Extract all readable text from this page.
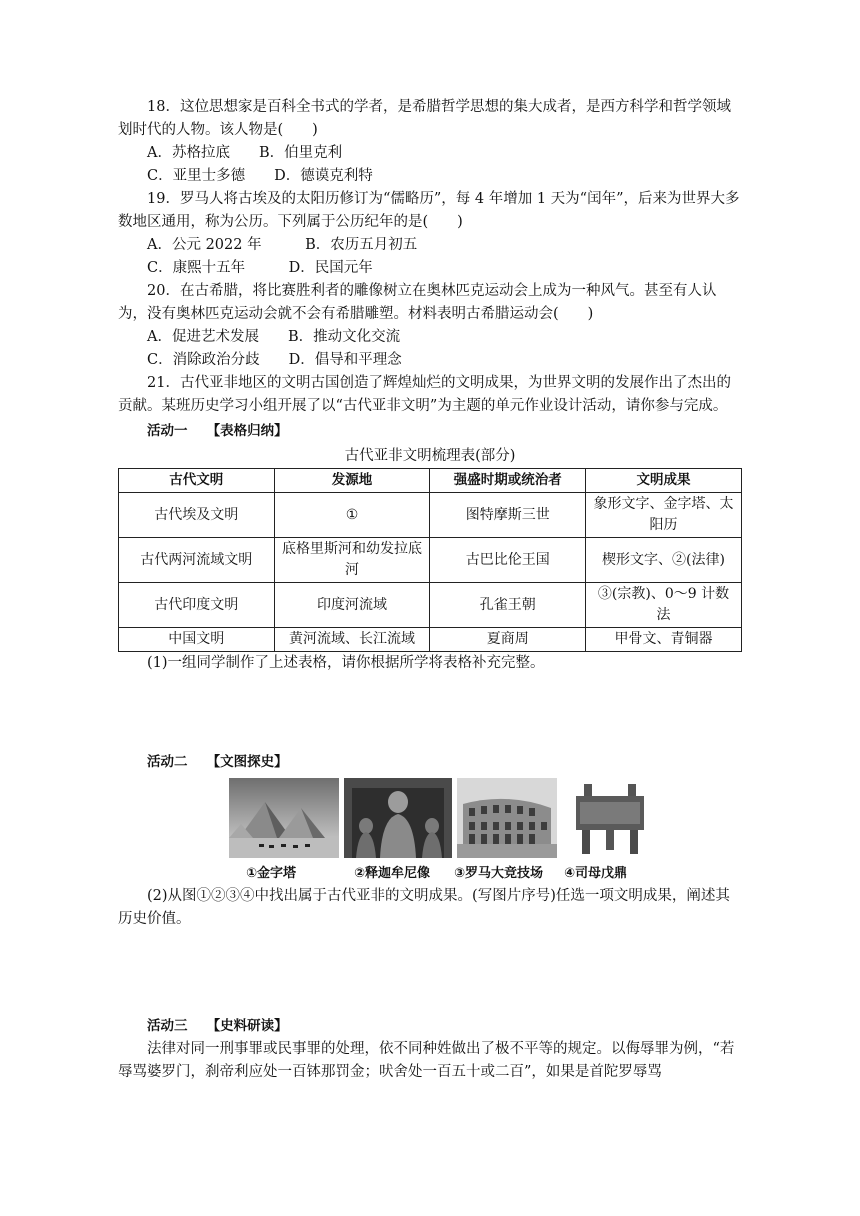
18．这位思想家是百科全书式的学者，是希腊哲学思想的集大成者，是西方科学和哲学领域划时代的人物。该人物是(　　)

A．苏格拉底　　B．伯里克利

C．亚里士多德　　D．德谟克利特

19．罗马人将古埃及的太阳历修订为“儒略历”，每 4 年增加 1 天为“闰年”，后来为世界大多数地区通用，称为公历。下列属于公历纪年的是(　　)

A．公元 2022 年　　　B．农历五月初五

C．康熙十五年　　　D．民国元年

20．在古希腊，将比赛胜利者的雕像树立在奥林匹克运动会上成为一种风气。甚至有人认为，没有奥林匹克运动会就不会有希腊雕塑。材料表明古希腊运动会(　　)

A．促进艺术发展　　B．推动文化交流

C．消除政治分歧　　D．倡导和平理念

21．古代亚非地区的文明古国创造了辉煌灿烂的文明成果，为世界文明的发展作出了杰出的贡献。某班历史学习小组开展了以“古代亚非文明”为主题的单元作业设计活动，请你参与完成。

活动一　 【表格归纳】

古代亚非文明梳理表(部分)

古代文明	发源地	强盛时期或统治者	文明成果
古代埃及文明	①	图特摩斯三世	象形文字、金字塔、太阳历
古代两河流域文明	底格里斯河和幼发拉底河	古巴比伦王国	楔形文字、②(法律)
古代印度文明	印度河流域	孔雀王朝	③(宗教)、0～9 计数法
中国文明	黄河流域、长江流域	夏商周	甲骨文、青铜器

(1)一组同学制作了上述表格，请你根据所学将表格补充完整。

活动二　 【文图探史】

①金字塔	②释迦牟尼像	③罗马大竞技场	④司母戊鼎

(2)从图①②③④中找出属于古代亚非的文明成果。(写图片序号)任选一项文明成果，阐述其历史价值。

活动三　 【史料研读】

法律对同一刑事罪或民事罪的处理，依不同种姓做出了极不平等的规定。以侮辱罪为例，“若辱骂婆罗门，刹帝利应处一百钵那罚金；吠舍处一百五十或二百”，如果是首陀罗辱骂
